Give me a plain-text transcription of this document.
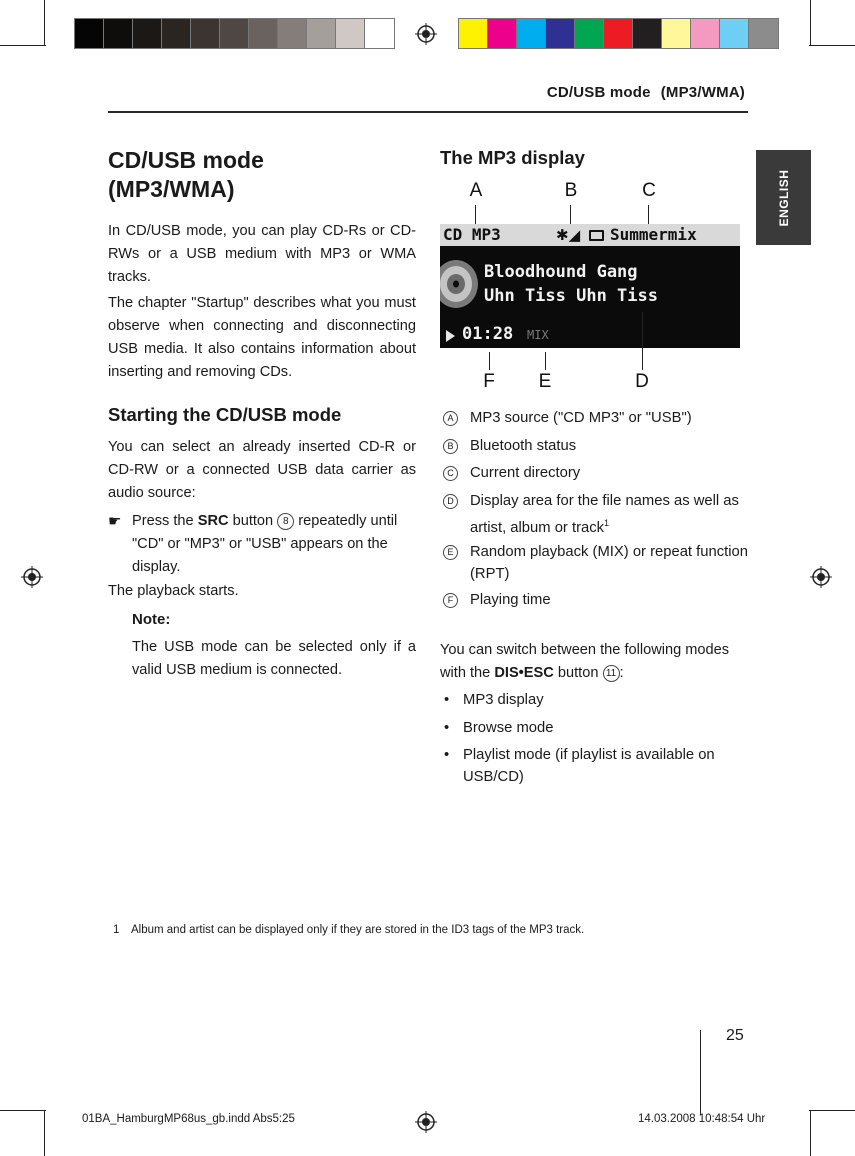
CD/USB mode (MP3/WMA)
ENGLISH
CD/USB mode
(MP3/WMA)
In CD/USB mode, you can play CD-Rs or CD-RWs or a USB medium with MP3 or WMA tracks.
The chapter "Startup" describes what you must observe when connecting and disconnecting USB media. It also contains information about inserting and removing CDs.
Starting the CD/USB mode
You can select an already inserted CD-R or CD-RW or a connected USB data carrier as audio source:
☛ Press the SRC button 8 repeatedly until "CD" or "MP3" or "USB" appears on the display.
The playback starts.
Note:
The USB mode can be selected only if a valid USB medium is connected.
The MP3 display
A	B	C
CD MP3	✱◢ Summermix
Bloodhound Gang
Uhn Tiss Uhn Tiss
01:28 MIX
F E	D
A	MP3 source ("CD MP3" or "USB")
B	Bluetooth status
C Current directory
D Display area for the file names as well as artist, album or track$^1$
E	Random playback (MIX) or repeat function (RPT)
F	Playing time
You can switch between the following modes with the DIS•ESC button 11 :
• MP3 display
• Browse mode
• Playlist mode (if playlist is available on USB/CD)
1 Album and artist can be displayed only if they are stored in the ID3 tags of the MP3 track.
25
01BA_HamburgMP68us_gb.indd Abs5:25	14.03.2008 10:48:54 Uhr
